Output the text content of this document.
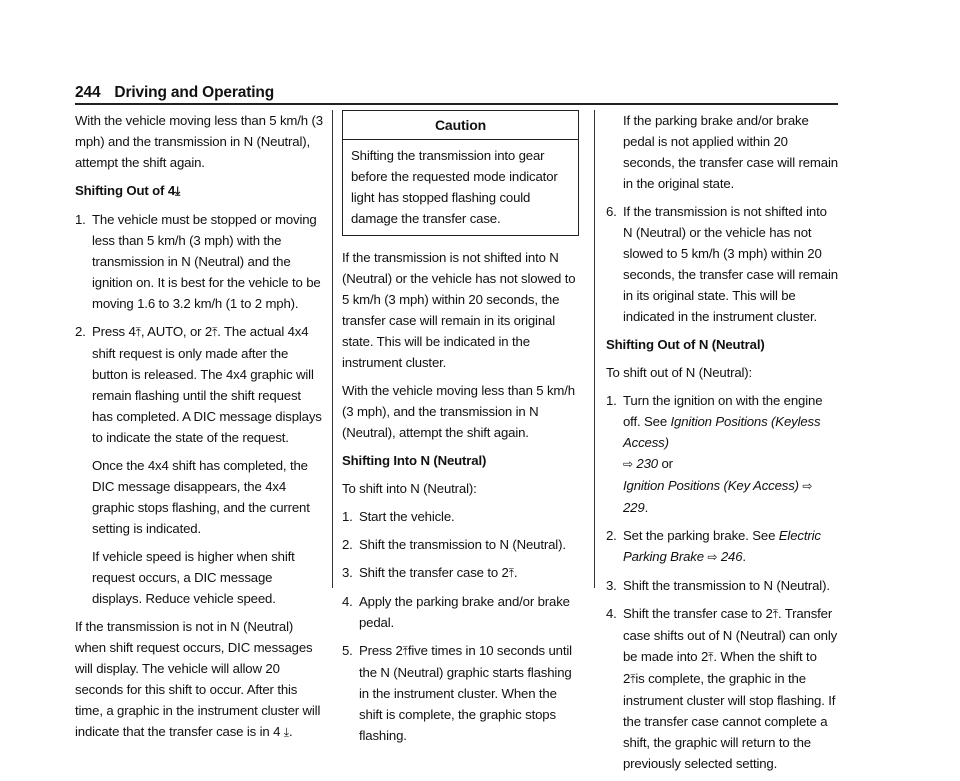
244 Driving and Operating

With the vehicle moving less than 5 km/h (3 mph) and the transmission in N (Neutral), attempt the shift again.

Shifting Out of 4⤓
1. The vehicle must be stopped or moving less than 5 km/h (3 mph) with the transmission in N (Neutral) and the ignition on. It is best for the vehicle to be moving 1.6 to 3.2 km/h (1 to 2 mph).
2. Press 4⤒, AUTO, or 2⤒. The actual 4x4 shift request is only made after the button is released. The 4x4 graphic will remain flashing until the shift request has completed. A DIC message displays to indicate the state of the request.

Once the 4x4 shift has completed, the DIC message disappears, the 4x4 graphic stops flashing, and the current setting is indicated.

If vehicle speed is higher when shift request occurs, a DIC message displays. Reduce vehicle speed.

If the transmission is not in N (Neutral) when shift request occurs, DIC messages will display. The vehicle will allow 20 seconds for this shift to occur. After this time, a graphic in the instrument cluster will indicate that the transfer case is in 4 ⤓.

Caution
Shifting the transmission into gear before the requested mode indicator light has stopped flashing could damage the transfer case.

If the transmission is not shifted into N (Neutral) or the vehicle has not slowed to 5 km/h (3 mph) within 20 seconds, the transfer case will remain in its original state. This will be indicated in the instrument cluster.

With the vehicle moving less than 5 km/h (3 mph), and the transmission in N (Neutral), attempt the shift again.

Shifting Into N (Neutral)

To shift into N (Neutral):

1. Start the vehicle.
2. Shift the transmission to N (Neutral).
3. Shift the transfer case to 2⤒.
4. Apply the parking brake and/or brake pedal.
5. Press 2⤒five times in 10 seconds until the N (Neutral) graphic starts flashing in the instrument cluster. When the shift is complete, the graphic stops flashing.

If the parking brake and/or brake pedal is not applied within 20 seconds, the transfer case will remain in the original state.

6. If the transmission is not shifted into N (Neutral) or the vehicle has not slowed to 5 km/h (3 mph) within 20 seconds, the transfer case will remain in its original state. This will be indicated in the instrument cluster.
Shifting Out of N (Neutral)

To shift out of N (Neutral):

1. Turn the ignition on with the engine off. See Ignition Positions (Keyless Access)
⇨ 230 or
Ignition Positions (Key Access) ⇨ 229.
2. Set the parking brake. See Electric Parking Brake ⇨ 246.
3. Shift the transmission to N (Neutral).
4. Shift the transfer case to 2⤒. Transfer case shifts out of N (Neutral) can only be made into 2⤒. When the shift to 2⤒is complete, the graphic in the instrument cluster will stop flashing. If the transfer case cannot complete a shift, the graphic will return to the previously selected setting.
